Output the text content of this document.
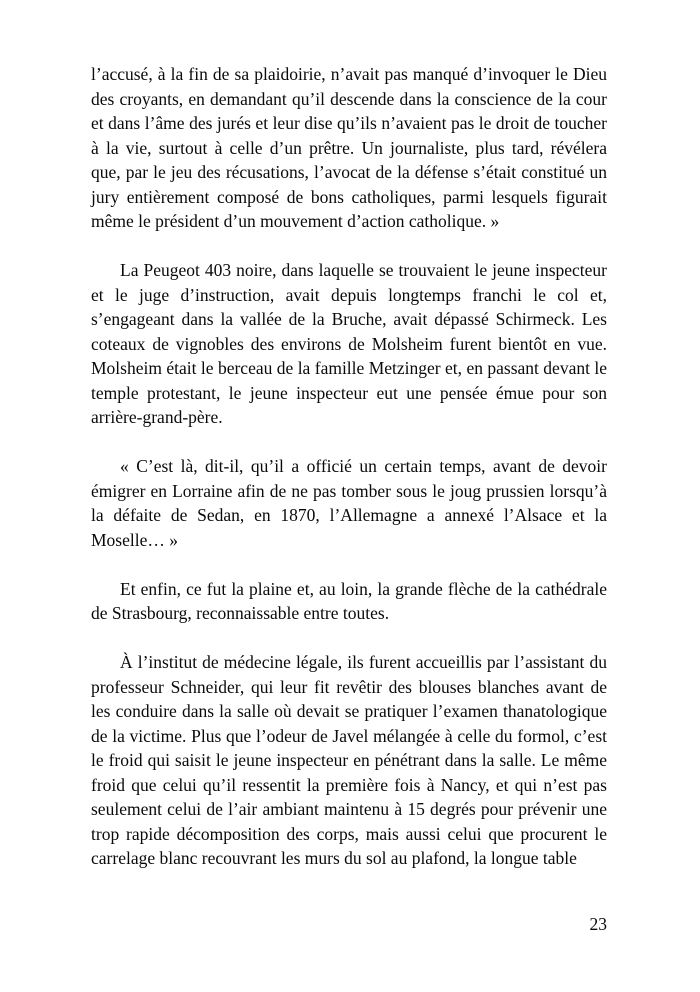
l’accusé, à la fin de sa plaidoirie, n’avait pas manqué d’invoquer le Dieu des croyants, en demandant qu’il descende dans la conscience de la cour et dans l’âme des jurés et leur dise qu’ils n’avaient pas le droit de toucher à la vie, surtout à celle d’un prêtre. Un journaliste, plus tard, révélera que, par le jeu des récusations, l’avocat de la défense s’était constitué un jury entièrement composé de bons catholiques, parmi lesquels figurait même le président d’un mouvement d’action catholique. »

La Peugeot 403 noire, dans laquelle se trouvaient le jeune inspecteur et le juge d’instruction, avait depuis longtemps franchi le col et, s’engageant dans la vallée de la Bruche, avait dépassé Schirmeck. Les coteaux de vignobles des environs de Molsheim furent bientôt en vue. Molsheim était le berceau de la famille Metzinger et, en passant devant le temple protestant, le jeune inspecteur eut une pensée émue pour son arrière-grand-père.

« C’est là, dit-il, qu’il a officié un certain temps, avant de devoir émigrer en Lorraine afin de ne pas tomber sous le joug prussien lorsqu’à la défaite de Sedan, en 1870, l’Allemagne a annexé l’Alsace et la Moselle… »

Et enfin, ce fut la plaine et, au loin, la grande flèche de la cathédrale de Strasbourg, reconnaissable entre toutes.

À l’institut de médecine légale, ils furent accueillis par l’assistant du professeur Schneider, qui leur fit revêtir des blouses blanches avant de les conduire dans la salle où devait se pratiquer l’examen thanatologique de la victime. Plus que l’odeur de Javel mélangée à celle du formol, c’est le froid qui saisit le jeune inspecteur en pénétrant dans la salle. Le même froid que celui qu’il ressentit la première fois à Nancy, et qui n’est pas seulement celui de l’air ambiant maintenu à 15 degrés pour prévenir une trop rapide décomposition des corps, mais aussi celui que procurent le carrelage blanc recouvrant les murs du sol au plafond, la longue table

23
